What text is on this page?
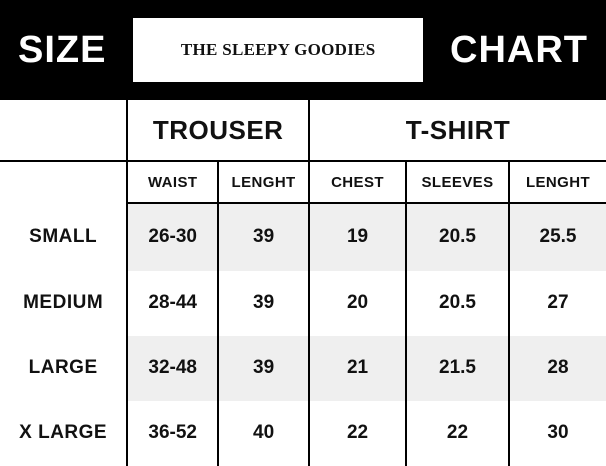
SIZE	THE SLEEPY GOODIES	CHART
	TROUSER		T-SHIRT		
	WAIST	LENGHT	CHEST	SLEEVES	LENGHT
SMALL	26-30	39	19	20.5	25.5
MEDIUM	28-44	39	20	20.5	27
LARGE	32-48	39	21	21.5	28
X LARGE	36-52	40	22	22	30
